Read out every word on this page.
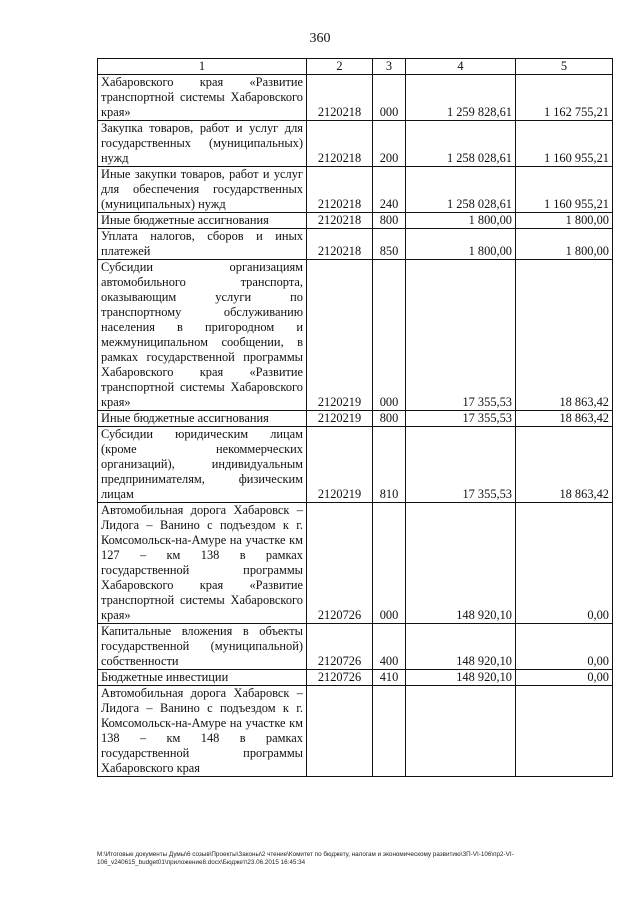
360
1	2	3	4	5
Хабаровского края «Развитие транспортной системы Хабаровского края»	2120218	000	1 259 828,61	1 162 755,21
Закупка товаров, работ и услуг для государственных (муниципальных) нужд	2120218	200	1 258 028,61	1 160 955,21
Иные закупки товаров, работ и услуг для обеспечения государственных (муниципальных) нужд	2120218	240	1 258 028,61	1 160 955,21
Иные бюджетные ассигнования	2120218	800	1 800,00	1 800,00
Уплата налогов, сборов и иных платежей	2120218	850	1 800,00	1 800,00
Субсидии организациям автомобильного транспорта, оказывающим услуги по транспортному обслуживанию населения в пригородном и межмуниципальном сообщении, в рамках государственной программы Хабаровского края «Развитие транспортной системы Хабаровского края»	2120219	000	17 355,53	18 863,42
Иные бюджетные ассигнования	2120219	800	17 355,53	18 863,42
Субсидии юридическим лицам (кроме некоммерческих организаций), индивидуальным предпринимателям, физическим лицам	2120219	810	17 355,53	18 863,42
Автомобильная дорога Хабаровск – Лидога – Ванино с подъездом к г. Комсомольск-на-Амуре на участке км 127 – км 138 в рамках государственной программы Хабаровского края «Развитие транспортной системы Хабаровского края»	2120726	000	148 920,10	0,00
Капитальные вложения в объекты государственной (муниципальной) собственности	2120726	400	148 920,10	0,00
Бюджетные инвестиции	2120726	410	148 920,10	0,00
Автомобильная дорога Хабаровск – Лидога – Ванино с подъездом к г. Комсомольск-на-Амуре на участке км 138 – км 148 в рамках государственной программы Хабаровского края				
М:\Итоговые документы Думы\6 созыв\Проекты\Законы\2 чтение\Комитет по бюджету, налогам и экономическому развитию\ЗП-VI-106\пр2-VI-106_v240615_budget01\приложение8.docx\Бюджет\23.06.2015 16:45:34
